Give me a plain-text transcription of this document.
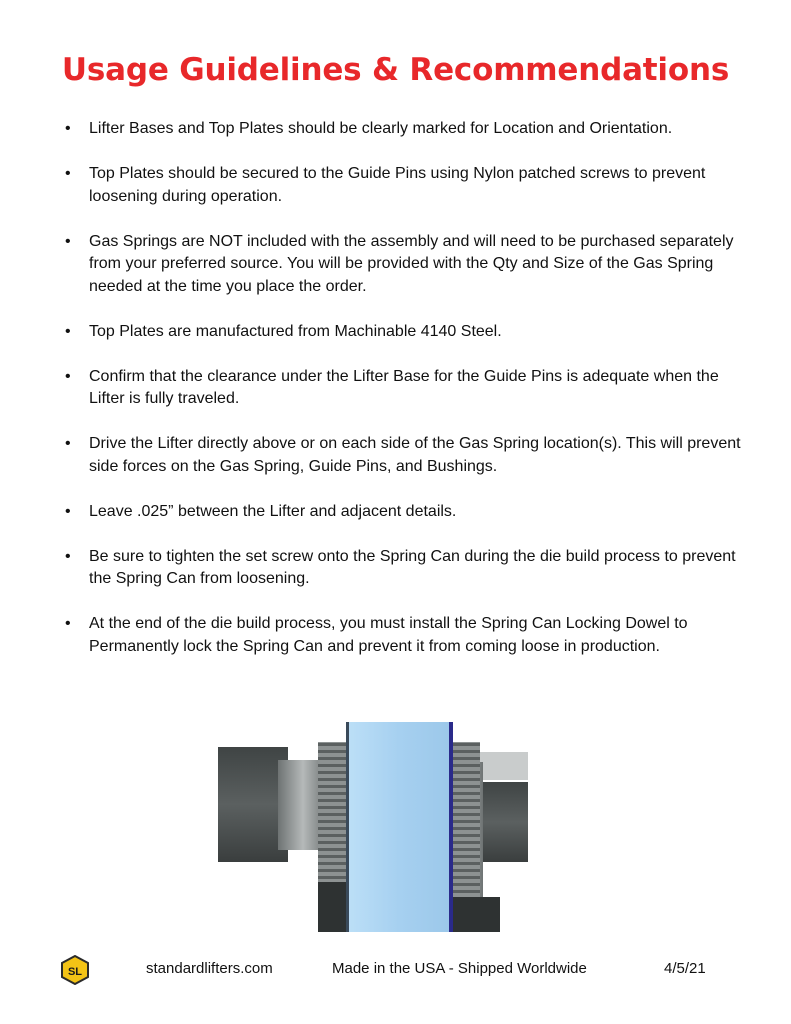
Usage Guidelines & Recommendations
• Lifter Bases and Top Plates should be clearly marked for Location and Orientation.
• Top Plates should be secured to the Guide Pins using Nylon patched screws to prevent loosening during operation.
• Gas Springs are NOT included with the assembly and will need to be purchased separately from your preferred source. You will be provided with the Qty and Size of the Gas Spring needed at the time you place the order.
• Top Plates are manufactured from Machinable 4140 Steel.
• Confirm that the clearance under the Lifter Base for the Guide Pins is adequate when the Lifter is fully traveled.
• Drive the Lifter directly above or on each side of the Gas Spring location(s). This will prevent side forces on the Gas Spring, Guide Pins, and Bushings.
• Leave .025” between the Lifter and adjacent details.
• Be sure to tighten the set screw onto the Spring Can during the die build process to prevent the Spring Can from loosening.
• At the end of the die build process, you must install the Spring Can Locking Dowel to Permanently lock the Spring Can and prevent it from coming loose in production.
SL	standardlifters.com	Made in the USA - Shipped Worldwide	4/5/21
